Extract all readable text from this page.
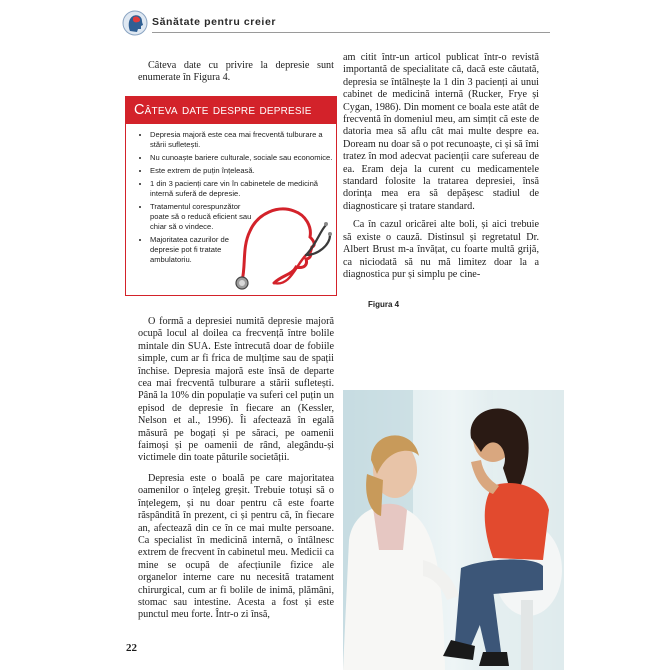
Sănătate pentru creier

Câteva date cu privire la depresie sunt enumerate în Figura 4.

Câteva date despre depresie
• Depresia majoră este cea mai frecventă tulburare a stării sufletești.
• Nu cunoaște bariere culturale, sociale sau economice.
• Este extrem de puțin înțeleasă.
• 1 din 3 pacienți care vin în cabinetele de medicină internă suferă de depresie.
• Tratamentul corespunzător poate să o reducă eficient sau chiar să o vindece.
• Majoritatea cazurilor de depresie pot fi tratate ambulatoriu.
Figura 4

O formă a depresiei numită depresie majoră ocupă locul al doilea ca frecvență între bolile mintale din SUA. Este întrecută doar de fobiile simple, cum ar fi frica de mulțime sau de spații închise. Depresia majoră este însă de departe cea mai frecventă tulburare a stării sufletești. Până la 10% din populație va suferi cel puțin un episod de depresie în fiecare an (Kessler, Nelson et al., 1996). Îi afectează în egală măsură pe bogați și pe săraci, pe oamenii faimoși și pe oamenii de rând, alegându-și victimele din toate păturile societății.

Depresia este o boală pe care majoritatea oamenilor o înțeleg greșit. Trebuie totuși să o înțelegem, și nu doar pentru că este foarte răspândită în prezent, ci și pentru că, în fiecare an, afectează din ce în ce mai multe persoane. Ca specialist în medicină internă, o întâlnesc extrem de frecvent în cabinetul meu. Medicii ca mine se ocupă de afecțiunile fizice ale organelor interne care nu necesită tratament chirurgical, cum ar fi bolile de inimă, plămâni, stomac sau intestine. Acesta a fost și este punctul meu forte. Într-o zi însă,

am citit într-un articol publicat într-o revistă importantă de specialitate că, dacă este căutată, depresia se întâlnește la 1 din 3 pacienți ai unui cabinet de medicină internă (Rucker, Frye și Cygan, 1986). Din moment ce boala este atât de frecventă în domeniul meu, am simțit că este de datoria mea să aflu cât mai multe despre ea. Doream nu doar să o pot recunoaște, ci și să îmi tratez în mod adecvat pacienții care sufereau de ea. Eram deja la curent cu medicamentele standard folosite la tratarea depresiei, însă dorința mea era să depășesc stadiul de diagnosticare și tratare standard.

Ca în cazul oricărei alte boli, și aici trebuie să existe o cauză. Distinsul și regretatul Dr. Albert Brust m-a învățat, cu foarte multă grijă, ca niciodată să nu mă limitez doar la a diagnostica pur și simplu pe cine-

22
